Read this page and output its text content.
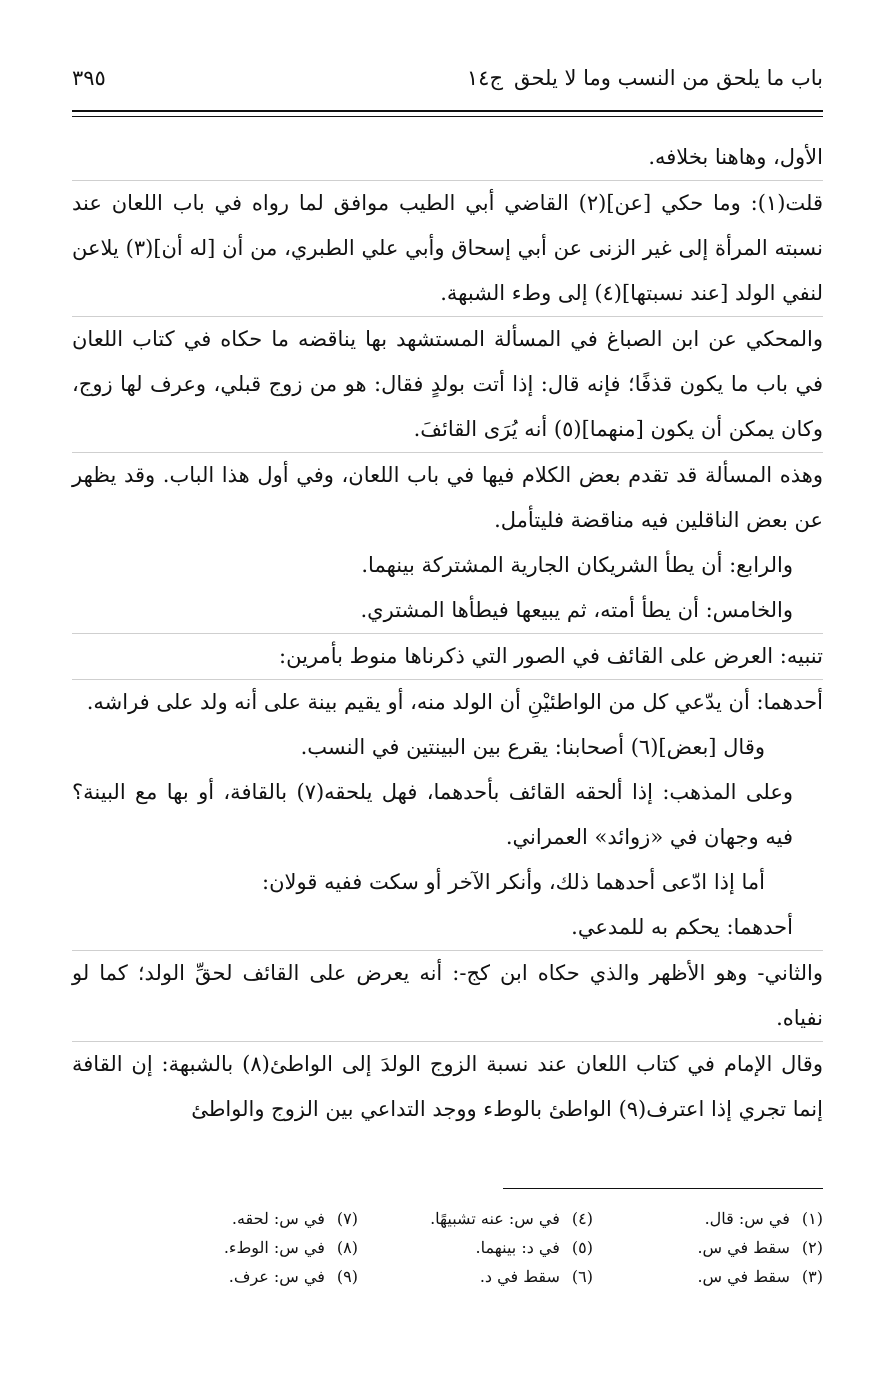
باب ما يلحق من النسب وما لا يلحق
ج١٤
٣٩٥

الأول، وهاهنا بخلافه.

قلت(١): وما حكي [عن](٢) القاضي أبي الطيب موافق لما رواه في باب اللعان عند نسبته المرأة إلى غير الزنى عن أبي إسحاق وأبي علي الطبري، من أن [له أن](٣) يلاعن لنفي الولد [عند نسبتها](٤) إلى وطء الشبهة.

والمحكي عن ابن الصباغ في المسألة المستشهد بها يناقضه ما حكاه في كتاب اللعان في باب ما يكون قذفًا؛ فإنه قال: إذا أتت بولدٍ فقال: هو من زوج قبلي، وعرف لها زوج، وكان يمكن أن يكون [منهما](٥) أنه يُرَى القائفَ.

وهذه المسألة قد تقدم بعض الكلام فيها في باب اللعان، وفي أول هذا الباب. وقد يظهر عن بعض الناقلين فيه مناقضة فليتأمل.

والرابع: أن يطأ الشريكان الجارية المشتركة بينهما.

والخامس: أن يطأ أمته، ثم يبيعها فيطأها المشتري.

تنبيه: العرض على القائف في الصور التي ذكرناها منوط بأمرين:

أحدهما: أن يدّعي كل من الواطئيْنِ أن الولد منه، أو يقيم بينة على أنه ولد على فراشه.

وقال [بعض](٦) أصحابنا: يقرع بين البينتين في النسب.

وعلى المذهب: إذا ألحقه القائف بأحدهما، فهل يلحقه(٧) بالقافة، أو بها مع البينة؟ فيه وجهان في «زوائد» العمراني.

أما إذا ادّعى أحدهما ذلك، وأنكر الآخر أو سكت ففيه قولان:

أحدهما: يحكم به للمدعي.

والثاني- وهو الأظهر والذي حكاه ابن كج-: أنه يعرض على القائف لحقِّ الولد؛ كما لو نفياه.

وقال الإمام في كتاب اللعان عند نسبة الزوج الولدَ إلى الواطئ(٨) بالشبهة: إن القافة إنما تجري إذا اعترف(٩) الواطئ بالوطء ووجد التداعي بين الزوج والواطئ

(١)في س: قال.
(٢)سقط في س.
(٣)سقط في س.
(٤)في س: عنه تشبيهًا.
(٥)في د: بينهما.
(٦)سقط في د.
(٧)في س: لحقه.
(٨)في س: الوطء.
(٩)في س: عرف.
